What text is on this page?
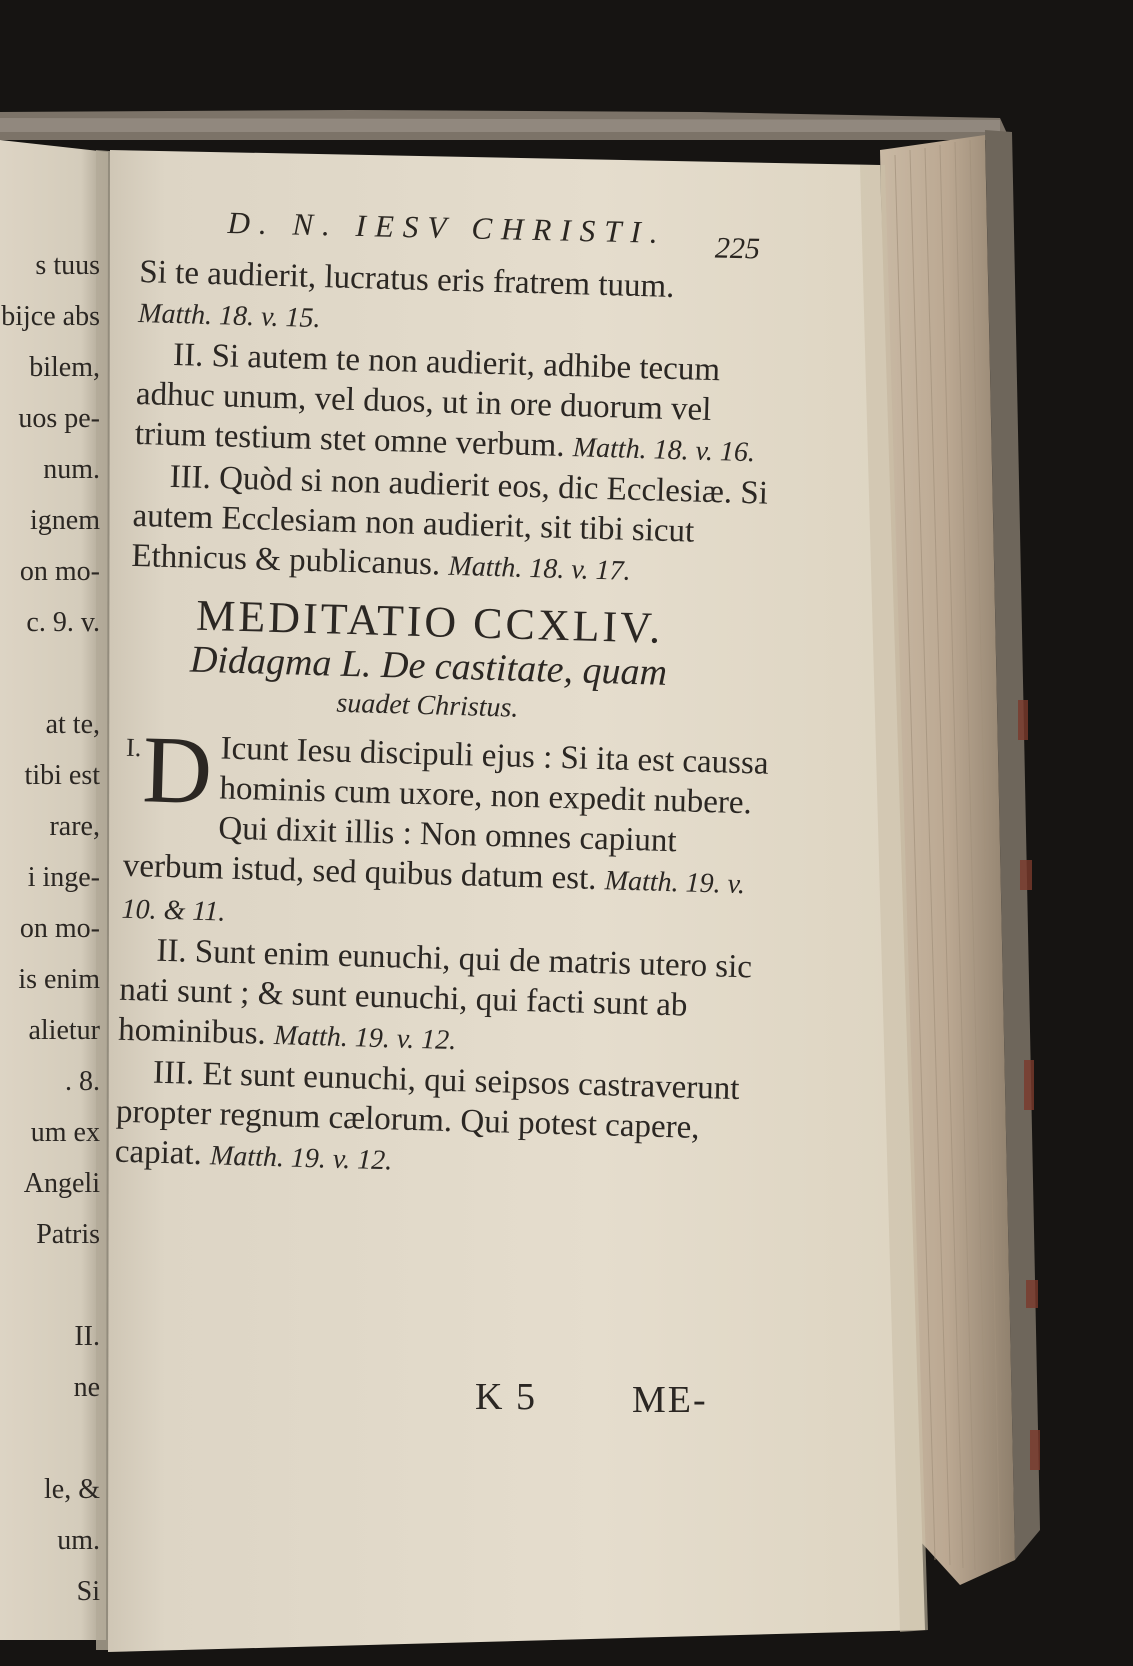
D. N. IESV CHRISTI. 225

Si te audierit, lucratus eris fratrem tuum.
Matth. 18. v. 15.

II. Si autem te non audierit, adhibe tecum adhuc unum, vel duos, ut in ore duorum vel trium testium stet omne verbum. Matth. 18. v. 16.

III. Quòd si non audierit eos, dic Ecclesiæ. Si autem Ecclesiam non audierit, sit tibi sicut Ethnicus & publicanus. Matth. 18. v. 17.

MEDITATIO CCXLIV.

Didagma L. De castitate, quam

suadet Christus.

I. D Icunt Iesu discipuli ejus : Si ita est caussa hominis cum uxore, non expedit nubere. Qui dixit illis : Non omnes capiunt verbum istud, sed quibus datum est. Matth. 19. v. 10. & 11.

II. Sunt enim eunuchi, qui de matris utero sic nati sunt ; & sunt eunuchi, qui facti sunt ab hominibus. Matth. 19. v. 12.

III. Et sunt eunuchi, qui seipsos castraverunt propter regnum cælorum. Qui potest capere, capiat. Matth. 19. v. 12.

K 5	ME-
s tuus
bijce abs
bilem,
uos pe-
num.
ignem
on mo-
c. 9. v.
at te,
tibi est
rare,
i inge-
on mo-
is enim
alietur
. 8.
um ex
Angeli
Patris
II.
ne
le, &
um.
Si
